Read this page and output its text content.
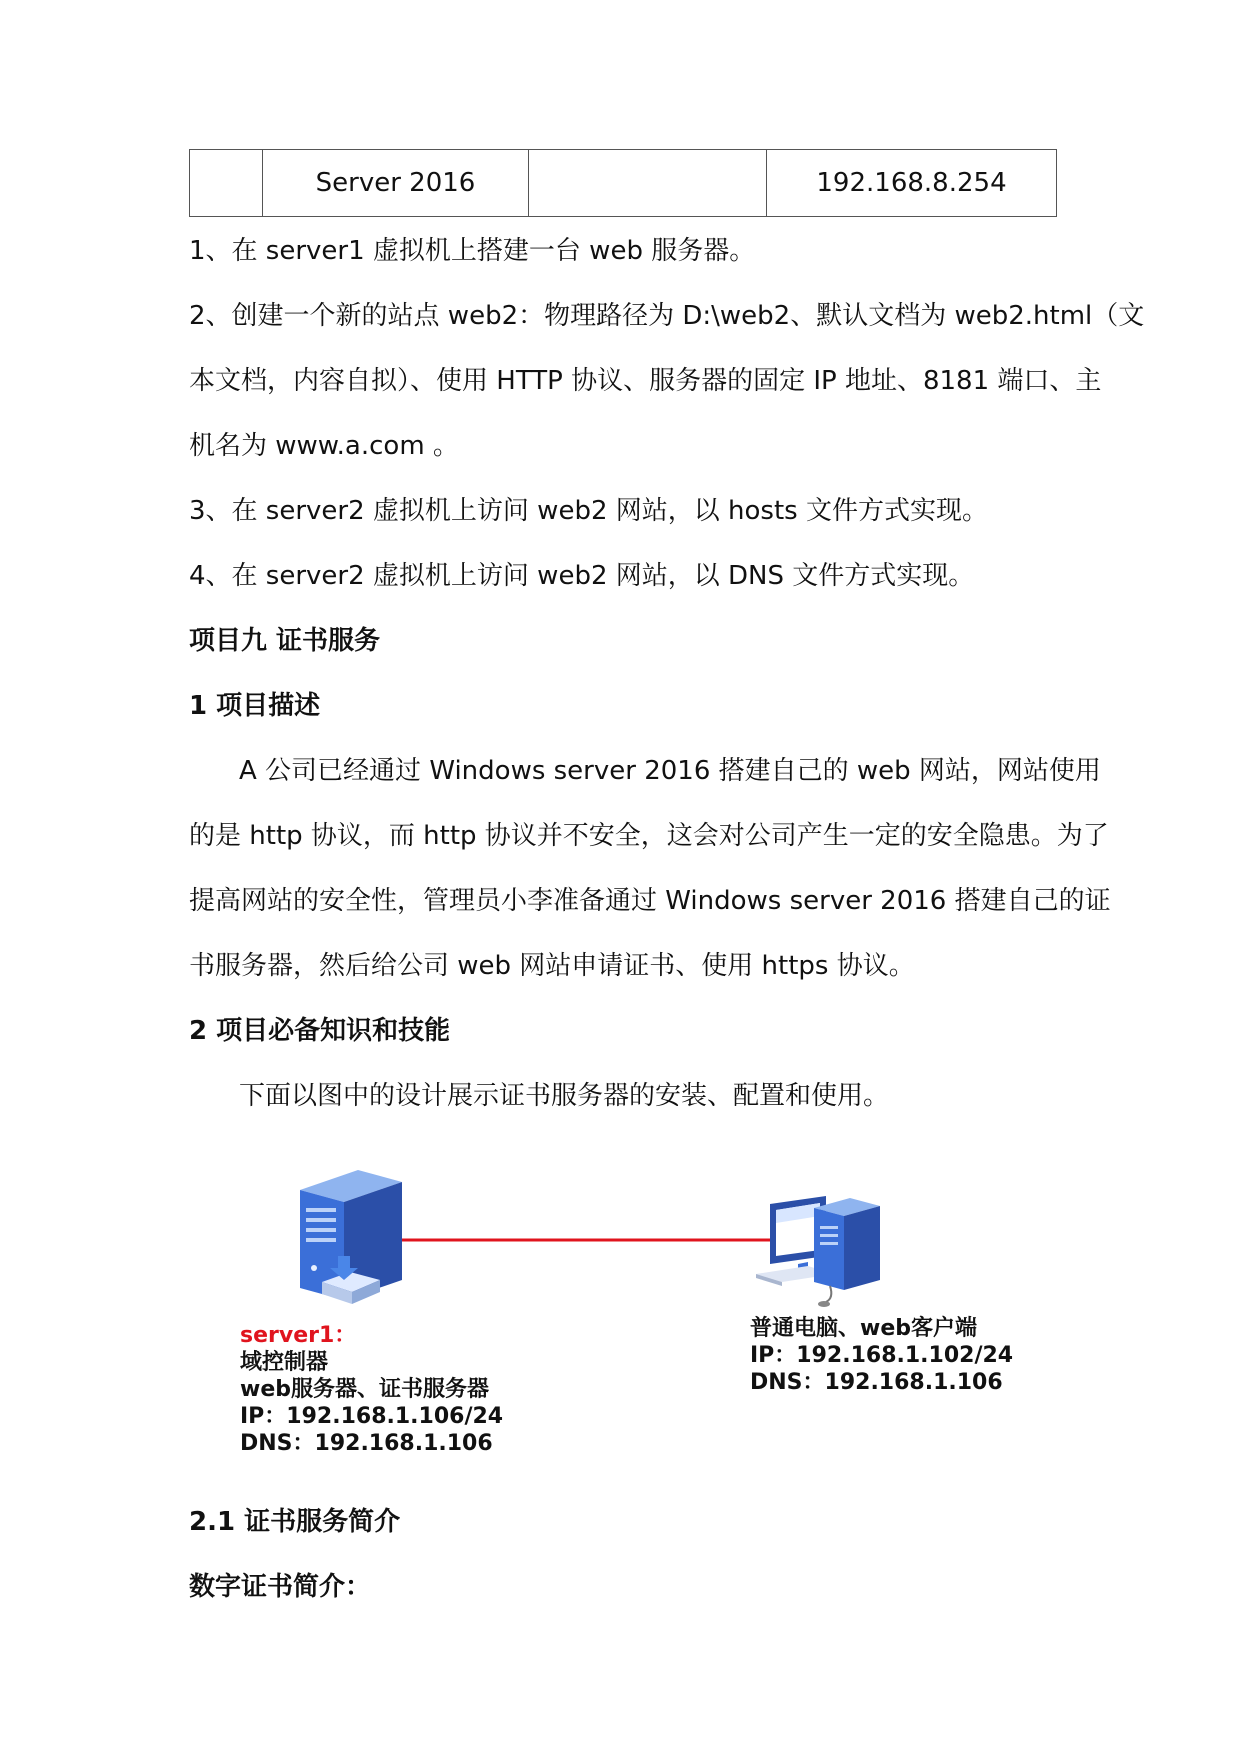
	Server 2016		192.168.8.254
1、在 server1 虚拟机上搭建一台 web 服务器。
2、创建一个新的站点 web2：物理路径为 D:\web2、默认文档为 web2.html（文
本文档，内容自拟）、使用 HTTP 协议、服务器的固定 IP 地址、8181 端口、主
机名为 www.a.com 。
3、在 server2 虚拟机上访问 web2 网站，以 hosts 文件方式实现。
4、在 server2 虚拟机上访问 web2 网站，以 DNS 文件方式实现。
项目九 证书服务
1 项目描述
A 公司已经通过 Windows server 2016 搭建自己的 web 网站，网站使用
的是 http 协议，而 http 协议并不安全，这会对公司产生一定的安全隐患。为了
提高网站的安全性，管理员小李准备通过 Windows server 2016 搭建自己的证
书服务器，然后给公司 web 网站申请证书、使用 https 协议。
2 项目必备知识和技能
下面以图中的设计展示证书服务器的安装、配置和使用。
server1：
域控制器
web服务器、证书服务器
IP：192.168.1.106/24
DNS：192.168.1.106
普通电脑、web客户端
IP：192.168.1.102/24
DNS：192.168.1.106
2.1 证书服务简介
数字证书简介：
